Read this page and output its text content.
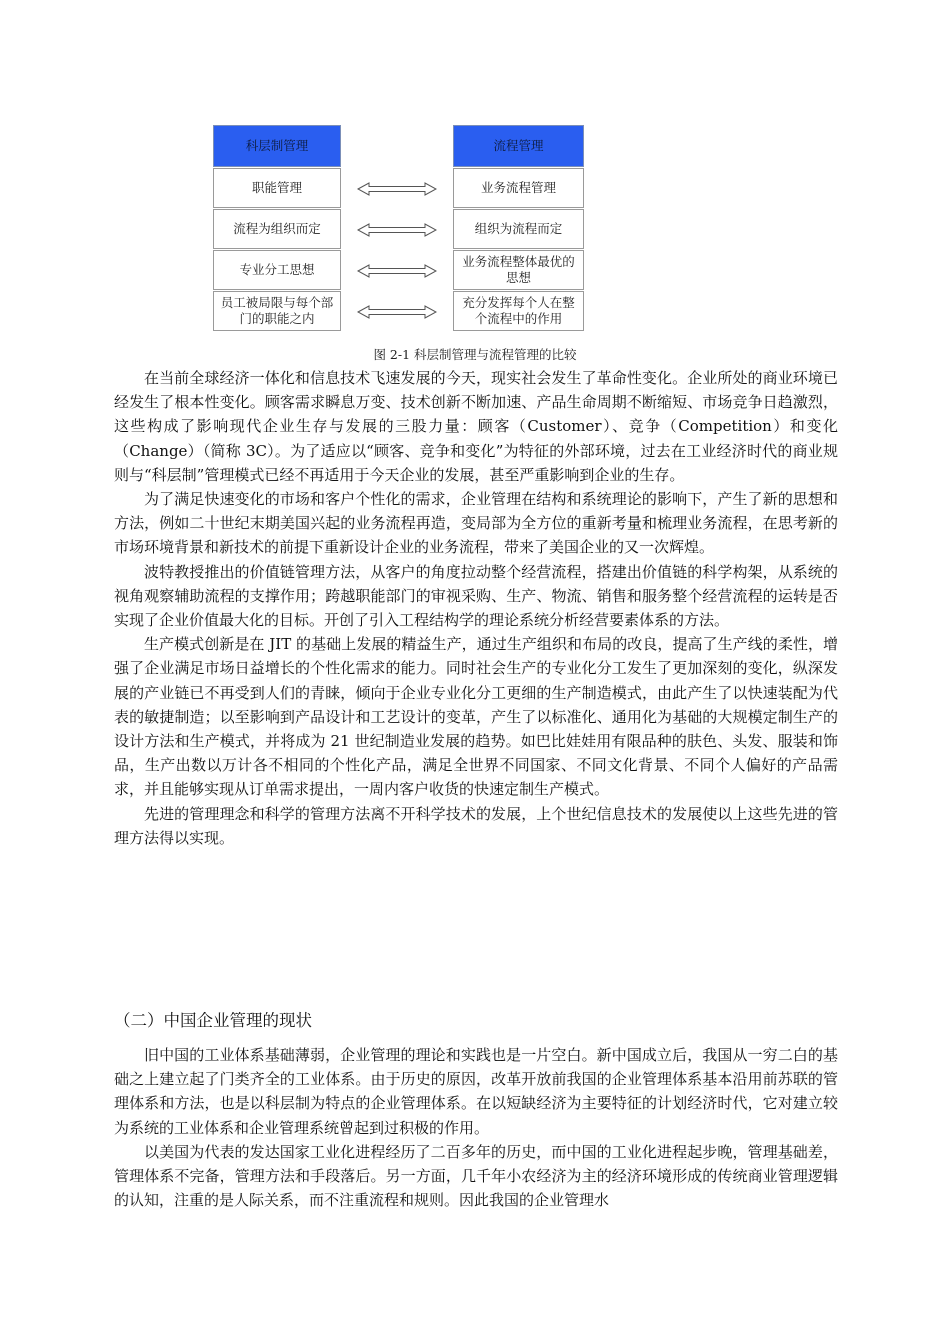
科层制管理
职能管理
流程为组织而定
专业分工思想
员工被局限与每个部门的职能之内
流程管理
业务流程管理
组织为流程而定
业务流程整体最优的思想
充分发挥每个人在整个流程中的作用
图 2-1 科层制管理与流程管理的比较

在当前全球经济一体化和信息技术飞速发展的今天，现实社会发生了革命性变化。企业所处的商业环境已经发生了根本性变化。顾客需求瞬息万变、技术创新不断加速、产品生命周期不断缩短、市场竞争日趋激烈，这些构成了影响现代企业生存与发展的三股力量：顾客（Customer）、竞争（Competition）和变化（Change）（简称 3C）。为了适应以“顾客、竞争和变化”为特征的外部环境，过去在工业经济时代的商业规则与“科层制”管理模式已经不再适用于今天企业的发展，甚至严重影响到企业的生存。

为了满足快速变化的市场和客户个性化的需求，企业管理在结构和系统理论的影响下，产生了新的思想和方法，例如二十世纪末期美国兴起的业务流程再造，变局部为全方位的重新考量和梳理业务流程，在思考新的市场环境背景和新技术的前提下重新设计企业的业务流程，带来了美国企业的又一次辉煌。

波特教授推出的价值链管理方法，从客户的角度拉动整个经营流程，搭建出价值链的科学构架，从系统的视角观察辅助流程的支撑作用；跨越职能部门的审视采购、生产、物流、销售和服务整个经营流程的运转是否实现了企业价值最大化的目标。开创了引入工程结构学的理论系统分析经营要素体系的方法。

生产模式创新是在 JIT 的基础上发展的精益生产，通过生产组织和布局的改良，提高了生产线的柔性，增强了企业满足市场日益增长的个性化需求的能力。同时社会生产的专业化分工发生了更加深刻的变化，纵深发展的产业链已不再受到人们的青睐，倾向于企业专业化分工更细的生产制造模式，由此产生了以快速装配为代表的敏捷制造；以至影响到产品设计和工艺设计的变革，产生了以标准化、通用化为基础的大规模定制生产的设计方法和生产模式，并将成为 21 世纪制造业发展的趋势。如巴比娃娃用有限品种的肤色、头发、服装和饰品，生产出数以万计各不相同的个性化产品，满足全世界不同国家、不同文化背景、不同个人偏好的产品需求，并且能够实现从订单需求提出，一周内客户收货的快速定制生产模式。

先进的管理理念和科学的管理方法离不开科学技术的发展，上个世纪信息技术的发展使以上这些先进的管理方法得以实现。

（二）中国企业管理的现状

旧中国的工业体系基础薄弱，企业管理的理论和实践也是一片空白。新中国成立后，我国从一穷二白的基础之上建立起了门类齐全的工业体系。由于历史的原因，改革开放前我国的企业管理体系基本沿用前苏联的管理体系和方法，也是以科层制为特点的企业管理体系。在以短缺经济为主要特征的计划经济时代，它对建立较为系统的工业体系和企业管理系统曾起到过积极的作用。

以美国为代表的发达国家工业化进程经历了二百多年的历史，而中国的工业化进程起步晚，管理基础差，管理体系不完备，管理方法和手段落后。另一方面，几千年小农经济为主的经济环境形成的传统商业管理逻辑的认知，注重的是人际关系，而不注重流程和规则。因此我国的企业管理水
